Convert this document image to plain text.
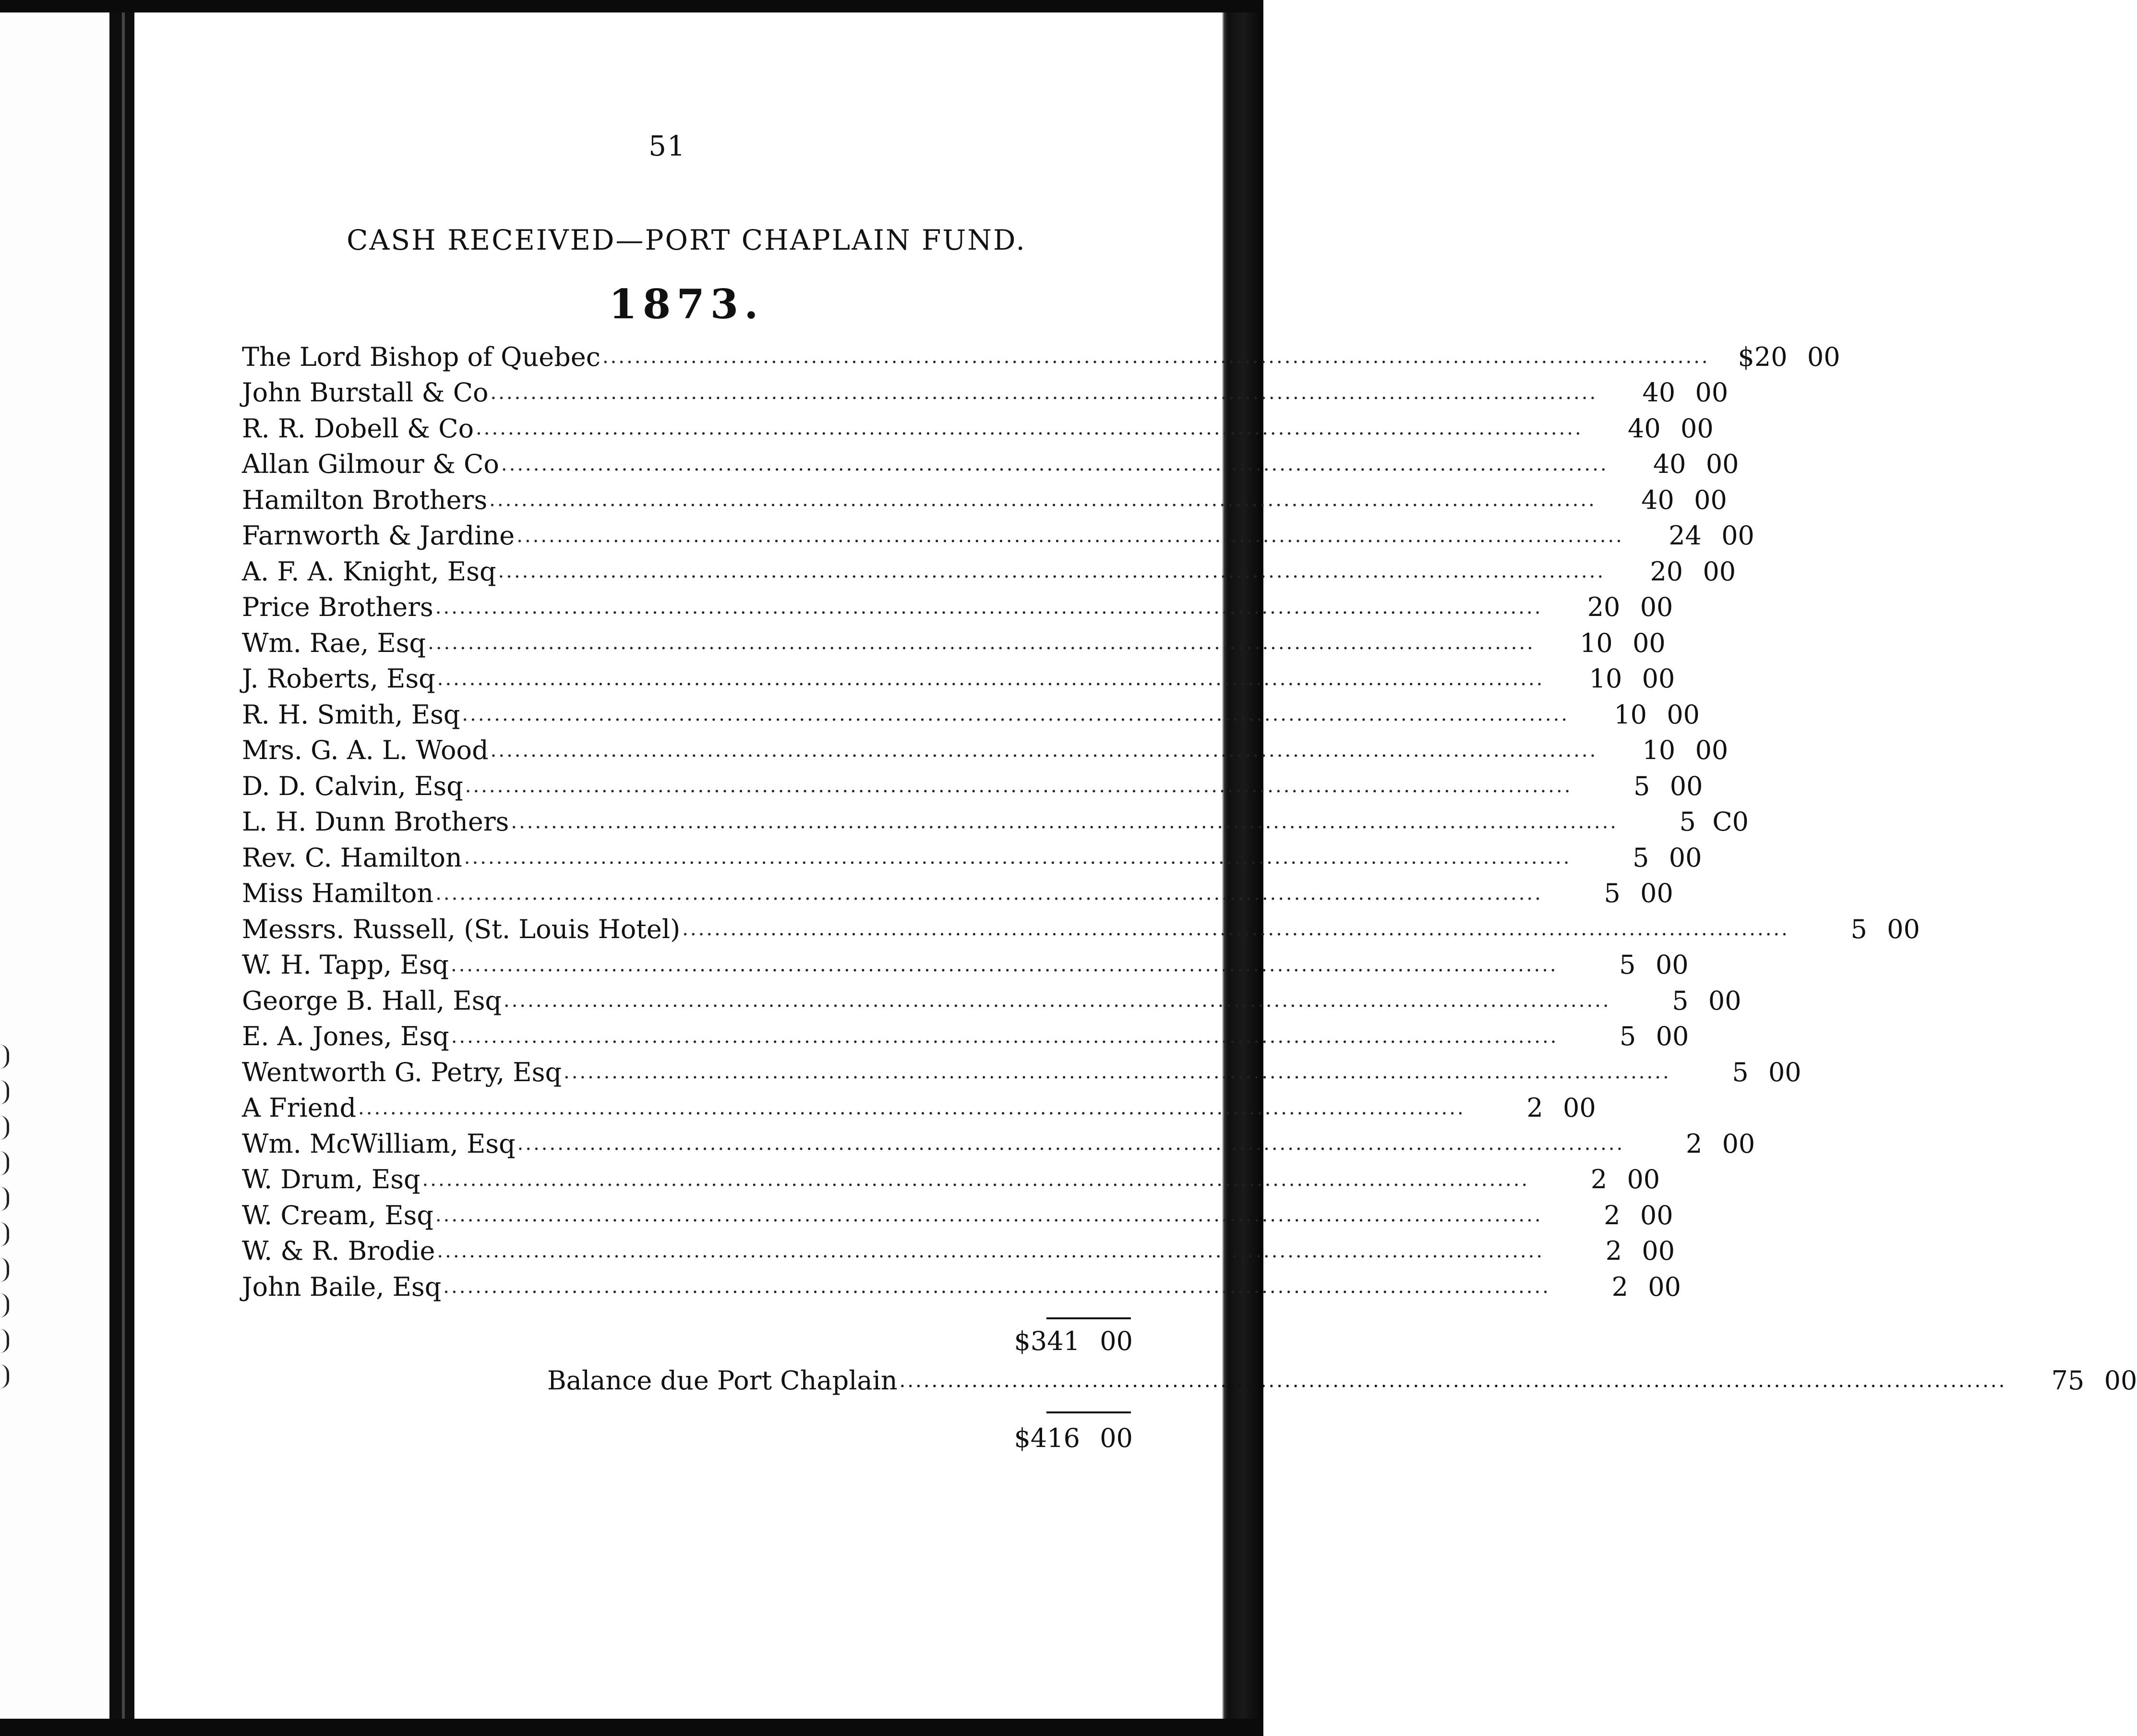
51
CASH RECEIVED—PORT CHAPLAIN FUND.
1873.
The Lord Bishop of Quebec ..........................................................................................................................................	$20 00
John Burstall & Co ..........................................................................................................................................	40 00
R. R. Dobell & Co ..........................................................................................................................................	40 00
Allan Gilmour & Co ..........................................................................................................................................	40 00
Hamilton Brothers ..........................................................................................................................................	40 00
Farnworth & Jardine ..........................................................................................................................................	24 00
A. F. A. Knight, Esq ..........................................................................................................................................	20 00
Price Brothers ..........................................................................................................................................	20 00
Wm. Rae, Esq ..........................................................................................................................................	10 00
J. Roberts, Esq ..........................................................................................................................................	10 00
R. H. Smith, Esq ..........................................................................................................................................	10 00
Mrs. G. A. L. Wood ..........................................................................................................................................	10 00
D. D. Calvin, Esq ..........................................................................................................................................	5 00
L. H. Dunn Brothers ..........................................................................................................................................	5 C0
Rev. C. Hamilton ..........................................................................................................................................	5 00
Miss Hamilton ..........................................................................................................................................	5 00
Messrs. Russell, (St. Louis Hotel) ..........................................................................................................................................	5 00
W. H. Tapp, Esq ..........................................................................................................................................	5 00
George B. Hall, Esq ..........................................................................................................................................	5 00
E. A. Jones, Esq ..........................................................................................................................................	5 00
Wentworth G. Petry, Esq ..........................................................................................................................................	5 00
A Friend ..........................................................................................................................................	2 00
Wm. McWilliam, Esq ..........................................................................................................................................	2 00
W. Drum, Esq ..........................................................................................................................................	2 00
W. Cream, Esq ..........................................................................................................................................	2 00
W. & R. Brodie ..........................................................................................................................................	2 00
John Baile, Esq ..........................................................................................................................................	2 00
$341 00
Balance due Port Chaplain ..........................................................................................................................................	75 00
$416 00
